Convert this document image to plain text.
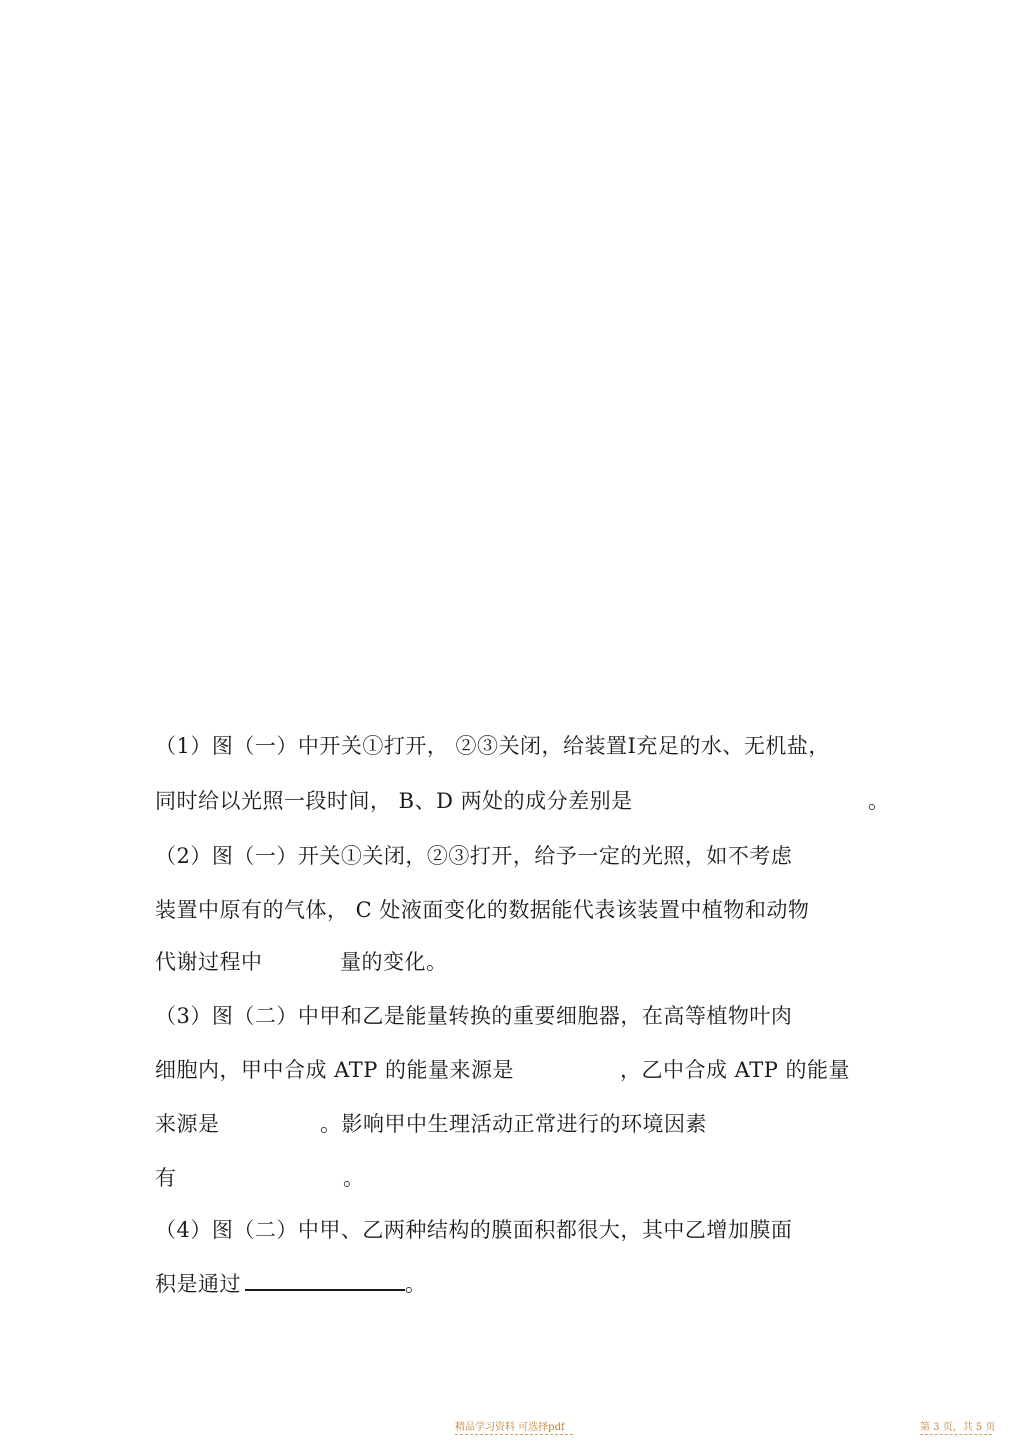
（1）图（一）中开关①打开， ②③关闭，给装置Ⅰ充足的水、无机盐，
同时给以光照一段时间， B、D 两处的成分差别是	。
（2）图（一）开关①关闭，②③打开，给予一定的光照，如不考虑
装置中原有的气体， C 处液面变化的数据能代表该装置中植物和动物
代谢过程中	量的变化。
（3）图（二）中甲和乙是能量转换的重要细胞器，在高等植物叶肉
细胞内，甲中合成 ATP 的能量来源是	，乙中合成 ATP 的能量
来源是	。影响甲中生理活动正常进行的环境因素
有	。
（4）图（二）中甲、乙两种结构的膜面积都很大，其中乙增加膜面
积是通过	。
精品学习资料 可选择pdf	第 3 页，共 5 页
